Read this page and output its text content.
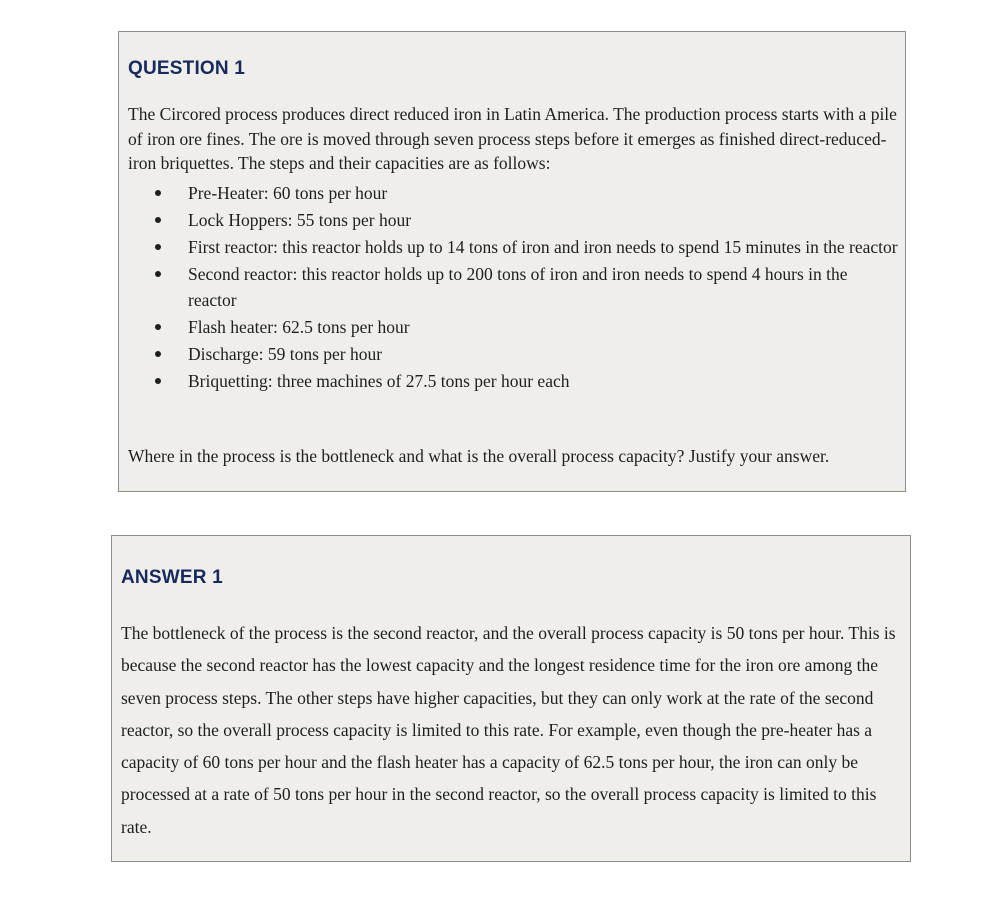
QUESTION 1

The Circored process produces direct reduced iron in Latin America. The production process starts with a pile of iron ore fines. The ore is moved through seven process steps before it emerges as finished direct-reduced-iron briquettes. The steps and their capacities are as follows:

Pre-Heater: 60 tons per hour
Lock Hoppers: 55 tons per hour
First reactor: this reactor holds up to 14 tons of iron and iron needs to spend 15 minutes in the reactor
Second reactor: this reactor holds up to 200 tons of iron and iron needs to spend 4 hours in the reactor
Flash heater: 62.5 tons per hour
Discharge: 59 tons per hour
Briquetting: three machines of 27.5 tons per hour each

Where in the process is the bottleneck and what is the overall process capacity? Justify your answer.

ANSWER 1

The bottleneck of the process is the second reactor, and the overall process capacity is 50 tons per hour. This is because the second reactor has the lowest capacity and the longest residence time for the iron ore among the seven process steps. The other steps have higher capacities, but they can only work at the rate of the second reactor, so the overall process capacity is limited to this rate. For example, even though the pre-heater has a capacity of 60 tons per hour and the flash heater has a capacity of 62.5 tons per hour, the iron can only be processed at a rate of 50 tons per hour in the second reactor, so the overall process capacity is limited to this rate.
